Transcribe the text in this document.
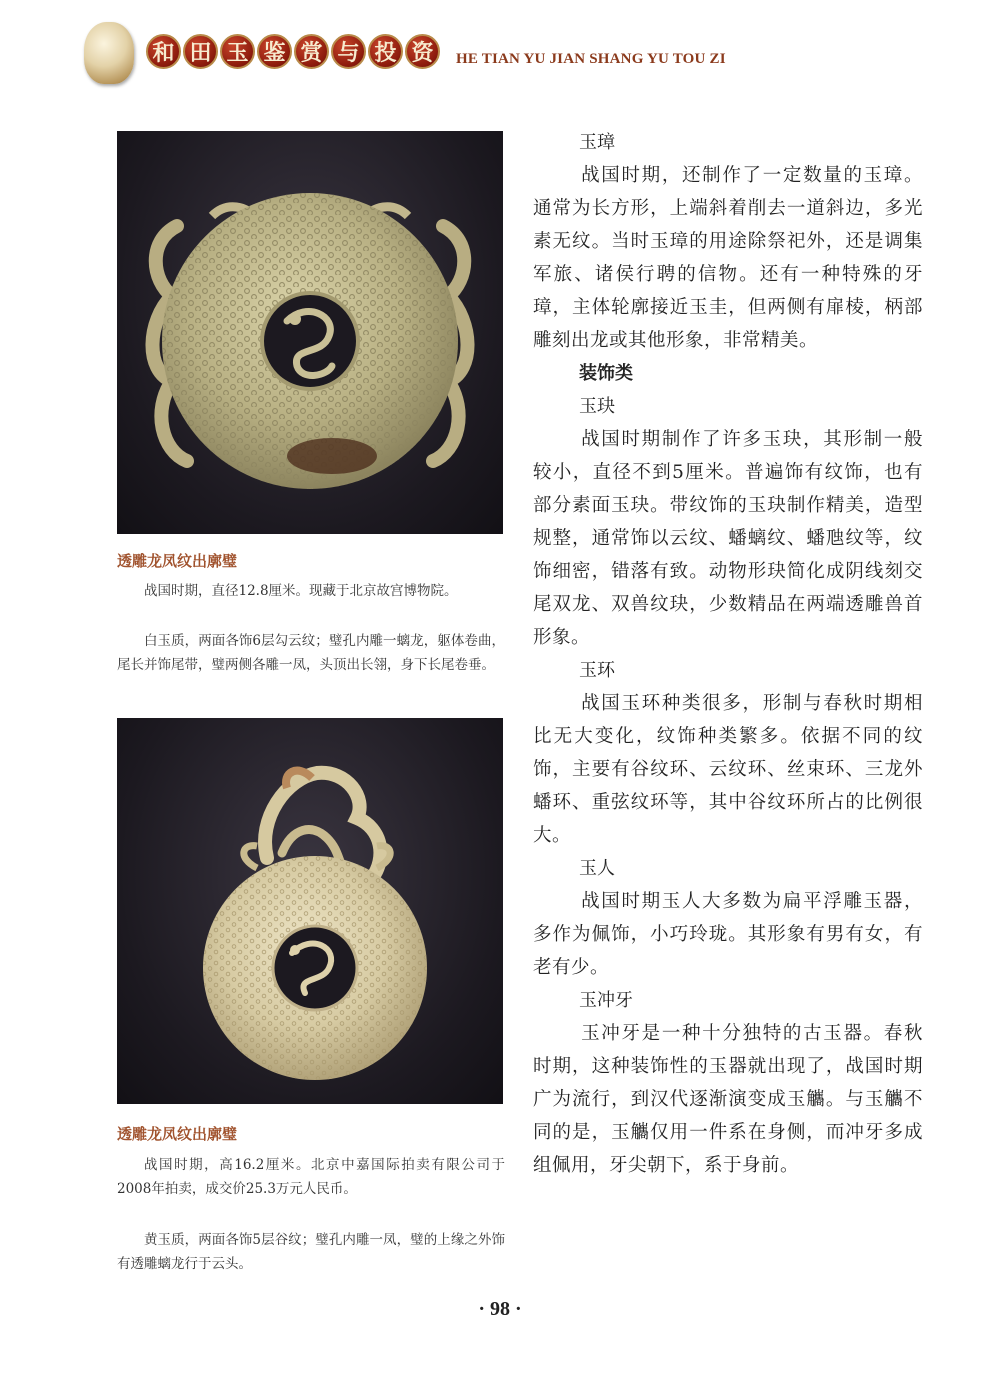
和 田 玉 鉴 赏 与 投 资	HE TIAN YU JIAN SHANG YU TOU ZI
透雕龙凤纹出廓璧
战国时期，直径12.8厘米。现藏于北京故宫博物院。
白玉质，两面各饰6层勾云纹；璧孔内雕一螭龙，躯体卷曲，尾长并饰尾带，璧两侧各雕一凤，头顶出长翎，身下长尾卷垂。
透雕龙凤纹出廓璧
战国时期，高16.2厘米。北京中嘉国际拍卖有限公司于2008年拍卖，成交价25.3万元人民币。
黄玉质，两面各饰5层谷纹；璧孔内雕一凤，璧的上缘之外饰有透雕螭龙行于云头。
玉璋

战国时期，还制作了一定数量的玉璋。通常为长方形，上端斜着削去一道斜边，多光素无纹。当时玉璋的用途除祭祀外，还是调集军旅、诸侯行聘的信物。还有一种特殊的牙璋，主体轮廓接近玉圭，但两侧有扉棱，柄部雕刻出龙或其他形象，非常精美。

装饰类
玉玦

战国时期制作了许多玉玦，其形制一般较小，直径不到5厘米。普遍饰有纹饰，也有部分素面玉玦。带纹饰的玉玦制作精美，造型规整，通常饰以云纹、蟠螭纹、蟠虺纹等，纹饰细密，错落有致。动物形玦简化成阴线刻交尾双龙、双兽纹玦，少数精品在两端透雕兽首形象。

玉环

战国玉环种类很多，形制与春秋时期相比无大变化，纹饰种类繁多。依据不同的纹饰，主要有谷纹环、云纹环、丝束环、三龙外蟠环、重弦纹环等，其中谷纹环所占的比例很大。

玉人

战国时期玉人大多数为扁平浮雕玉器，多作为佩饰，小巧玲珑。其形象有男有女，有老有少。

玉冲牙

玉冲牙是一种十分独特的古玉器。春秋时期，这种装饰性的玉器就出现了，战国时期广为流行，到汉代逐渐演变成玉觿。与玉觿不同的是，玉觿仅用一件系在身侧，而冲牙多成组佩用，牙尖朝下，系于身前。

· 98 ·
